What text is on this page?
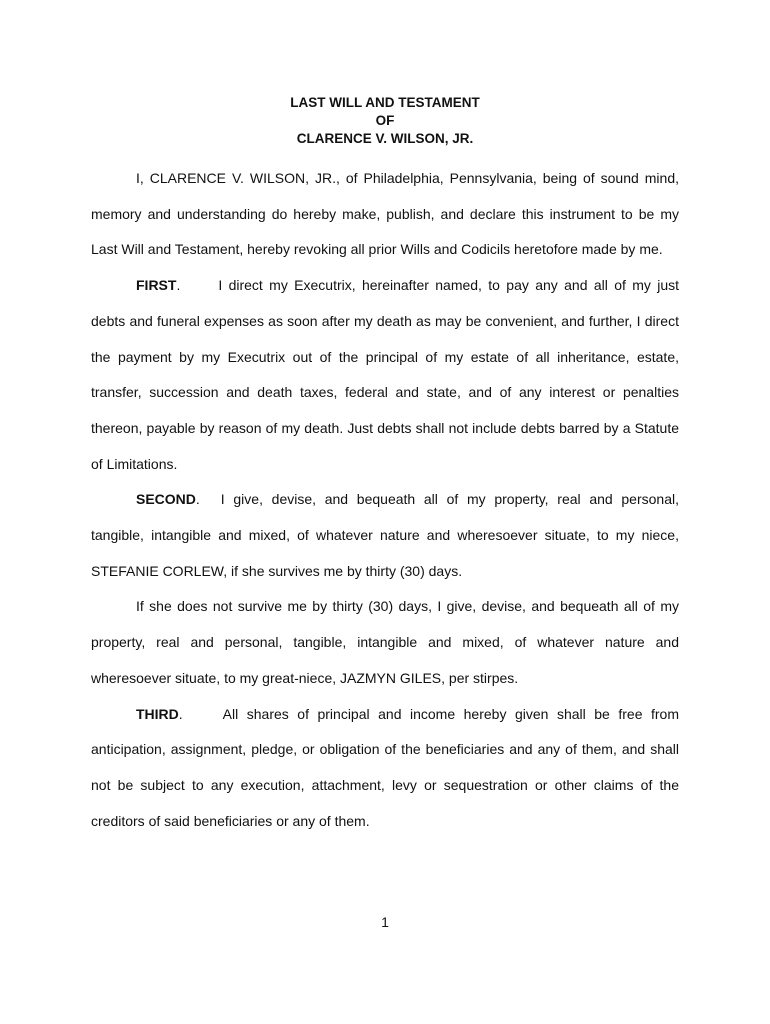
LAST WILL AND TESTAMENT
OF
CLARENCE V. WILSON, JR.

I, CLARENCE V. WILSON, JR., of Philadelphia, Pennsylvania, being of sound mind, memory and understanding do hereby make, publish, and declare this instrument to be my Last Will and Testament, hereby revoking all prior Wills and Codicils heretofore made by me.

FIRST.	I direct my Executrix, hereinafter named, to pay any and all of my just debts and funeral expenses as soon after my death as may be convenient, and further, I direct the payment by my Executrix out of the principal of my estate of all inheritance, estate, transfer, succession and death taxes, federal and state, and of any interest or penalties thereon, payable by reason of my death. Just debts shall not include debts barred by a Statute of Limitations.

SECOND. I give, devise, and bequeath all of my property, real and personal, tangible, intangible and mixed, of whatever nature and wheresoever situate, to my niece, STEFANIE CORLEW, if she survives me by thirty (30) days.

If she does not survive me by thirty (30) days, I give, devise, and bequeath all of my property, real and personal, tangible, intangible and mixed, of whatever nature and wheresoever situate, to my great-niece, JAZMYN GILES, per stirpes.

THIRD.	All shares of principal and income hereby given shall be free from anticipation, assignment, pledge, or obligation of the beneficiaries and any of them, and shall not be subject to any execution, attachment, levy or sequestration or other claims of the creditors of said beneficiaries or any of them.

1
